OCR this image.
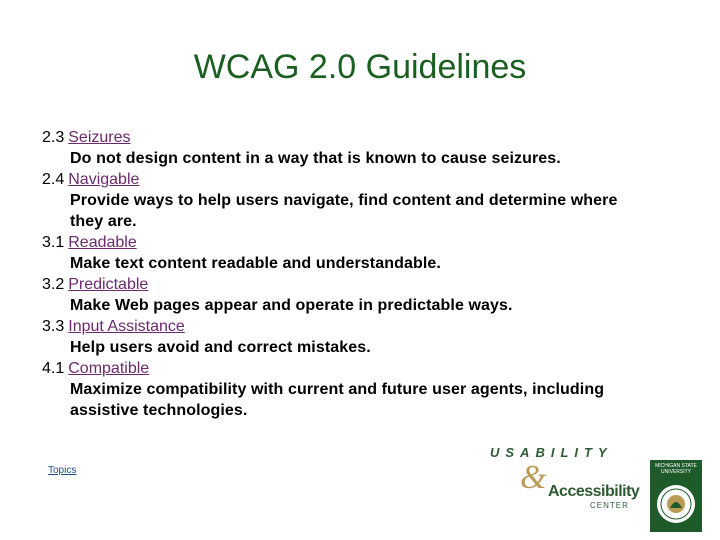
WCAG 2.0 Guidelines
2.3 Seizures
Do not design content in a way that is known to cause seizures.
2.4 Navigable
Provide ways to help users navigate, find content and determine where they are.
3.1 Readable
Make text content readable and understandable.
3.2 Predictable
Make Web pages appear and operate in predictable ways.
3.3 Input Assistance
Help users avoid and correct mistakes.
4.1 Compatible
Maximize compatibility with current and future user agents, including assistive technologies.
Topics
USABILITY
& Accessibility
CENTER
MICHIGAN STATE UNIVERSITY
